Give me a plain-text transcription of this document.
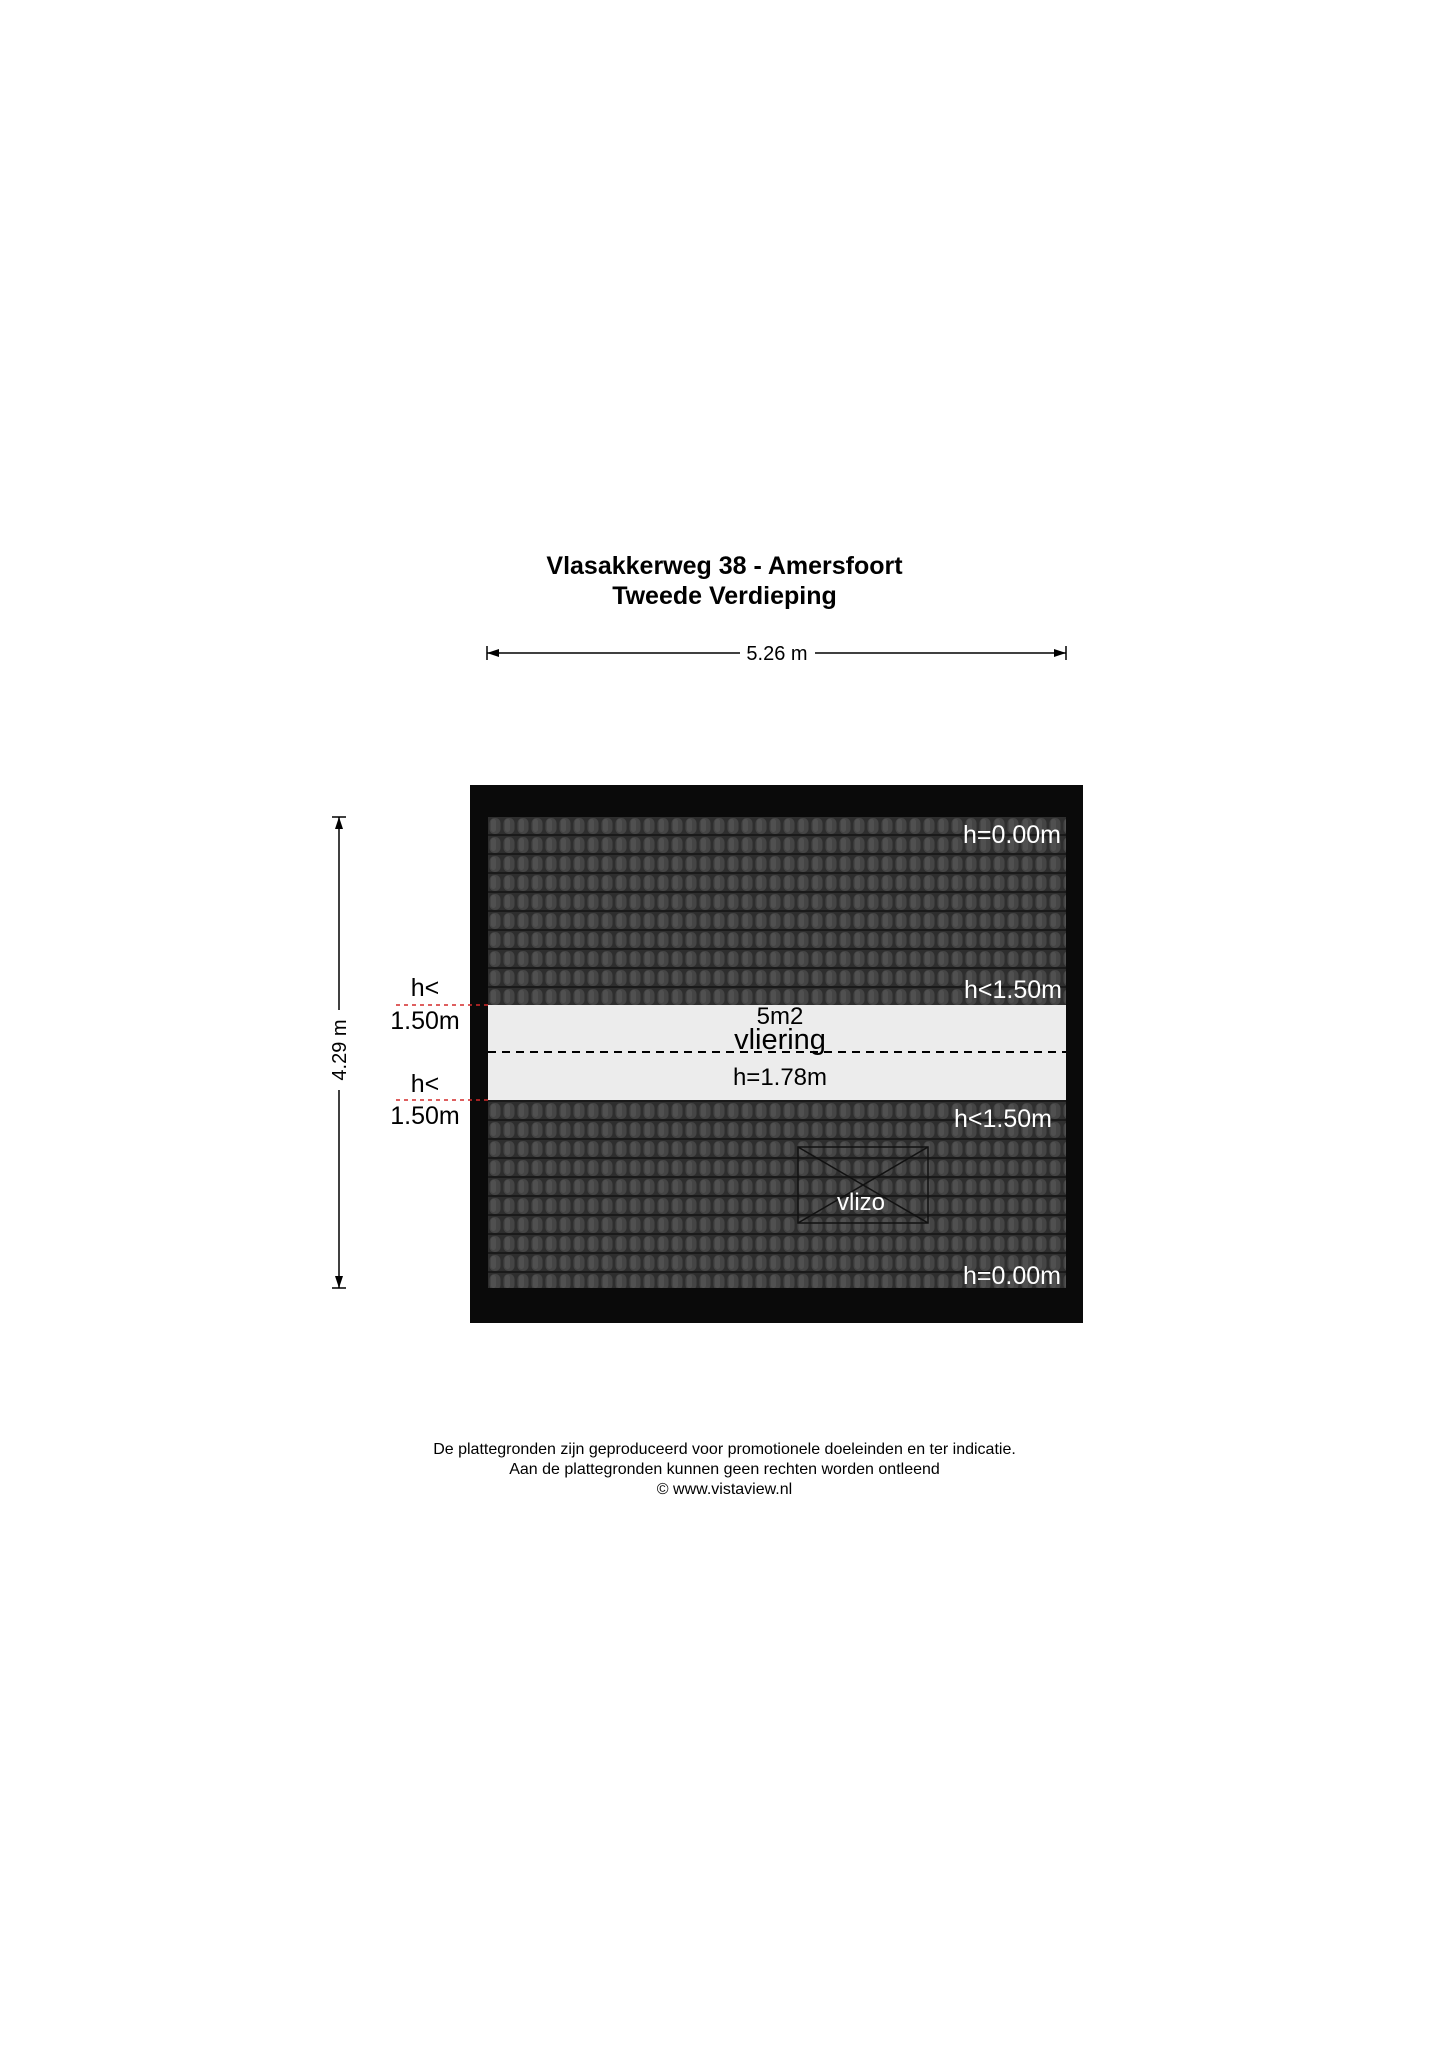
Vlasakkerweg 38 - Amersfoort
Tweede Verdieping
5.26 m
4.29 m
vlizo
5m2
vliering
h=1.78m
h=0.00m
h<1.50m
h<1.50m
h=0.00m
h<
1.50m
h<
1.50m
De plattegronden zijn geproduceerd voor promotionele doeleinden en ter indicatie.
Aan de plattegronden kunnen geen rechten worden ontleend
© www.vistaview.nl
